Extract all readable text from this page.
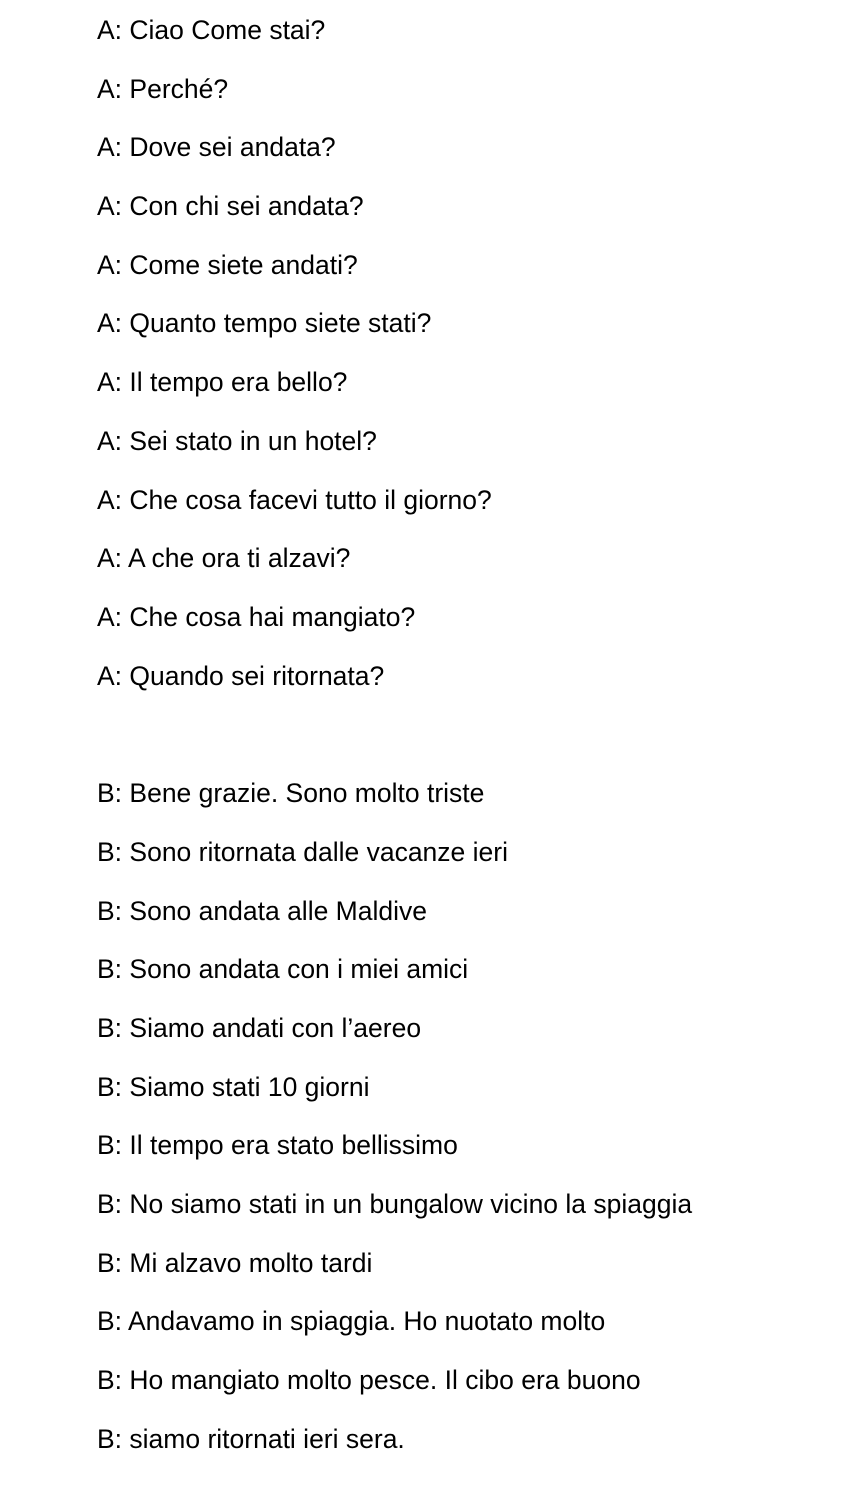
A: Ciao Come stai?
A: Perché?
A: Dove sei andata?
A: Con chi sei andata?
A: Come siete andati?
A: Quanto tempo siete stati?
A: Il tempo era bello?
A: Sei stato in un hotel?
A: Che cosa facevi tutto il giorno?
A: A che ora ti alzavi?
A: Che cosa hai mangiato?
A: Quando sei ritornata?
B: Bene grazie. Sono molto triste
B: Sono ritornata dalle vacanze ieri
B: Sono andata alle Maldive
B: Sono andata con i miei amici
B: Siamo andati con l’aereo
B: Siamo stati 10 giorni
B: Il tempo era stato bellissimo
B: No siamo stati in un bungalow vicino la spiaggia
B: Mi alzavo molto tardi
B: Andavamo in spiaggia. Ho nuotato molto
B: Ho mangiato molto pesce. Il cibo era buono
B: siamo ritornati ieri sera.
